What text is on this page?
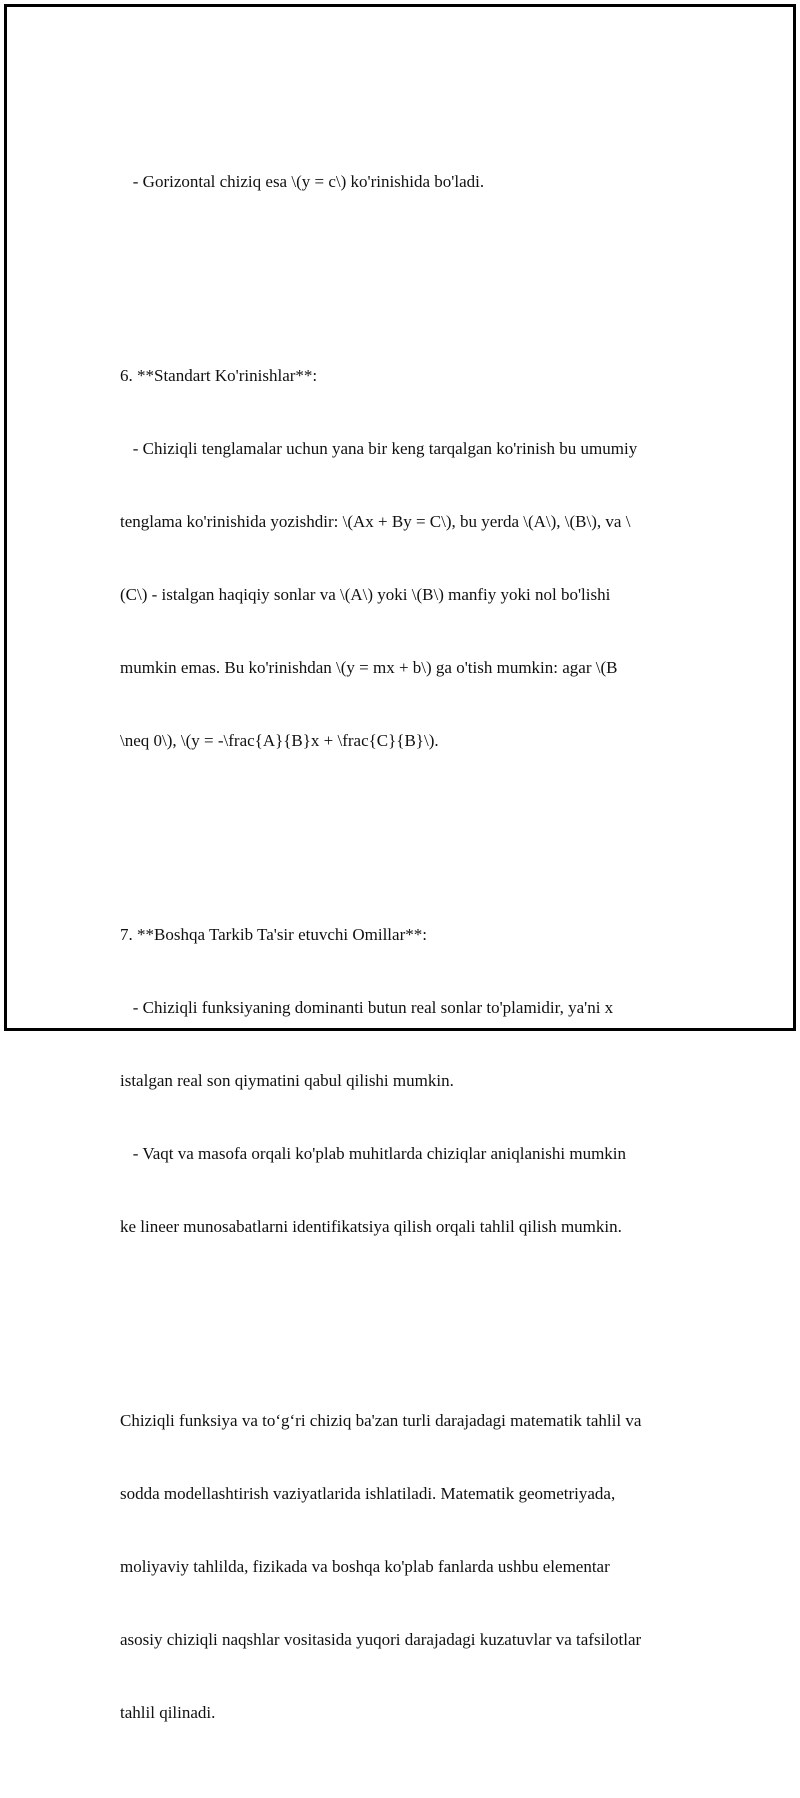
- Gorizontal chiziq esa \(y = c\) ko'rinishida bo'ladi.

6. **Standart Ko'rinishlar**:

- Chiziqli tenglamalar uchun yana bir keng tarqalgan ko'rinish bu umumiy

tenglama ko'rinishida yozishdir: \(Ax + By = C\), bu yerda \(A\), \(B\), va \

(C\) - istalgan haqiqiy sonlar va \(A\) yoki \(B\) manfiy yoki nol bo'lishi

mumkin emas. Bu ko'rinishdan \(y = mx + b\) ga o'tish mumkin: agar \(B

\neq 0\), \(y = -\frac{A}{B}x + \frac{C}{B}\).

7. **Boshqa Tarkib Ta'sir etuvchi Omillar**:

- Chiziqli funksiyaning dominanti butun real sonlar to'plamidir, ya'ni x

istalgan real son qiymatini qabul qilishi mumkin.

- Vaqt va masofa orqali ko'plab muhitlarda chiziqlar aniqlanishi mumkin

ke lineer munosabatlarni identifikatsiya qilish orqali tahlil qilish mumkin.

Chiziqli funksiya va to‘g‘ri chiziq ba'zan turli darajadagi matematik tahlil va

sodda modellashtirish vaziyatlarida ishlatiladi. Matematik geometriyada,

moliyaviy tahlilda, fizikada va boshqa ko'plab fanlarda ushbu elementar

asosiy chiziqli naqshlar vositasida yuqori darajadagi kuzatuvlar va tafsilotlar

tahlil qilinadi.
